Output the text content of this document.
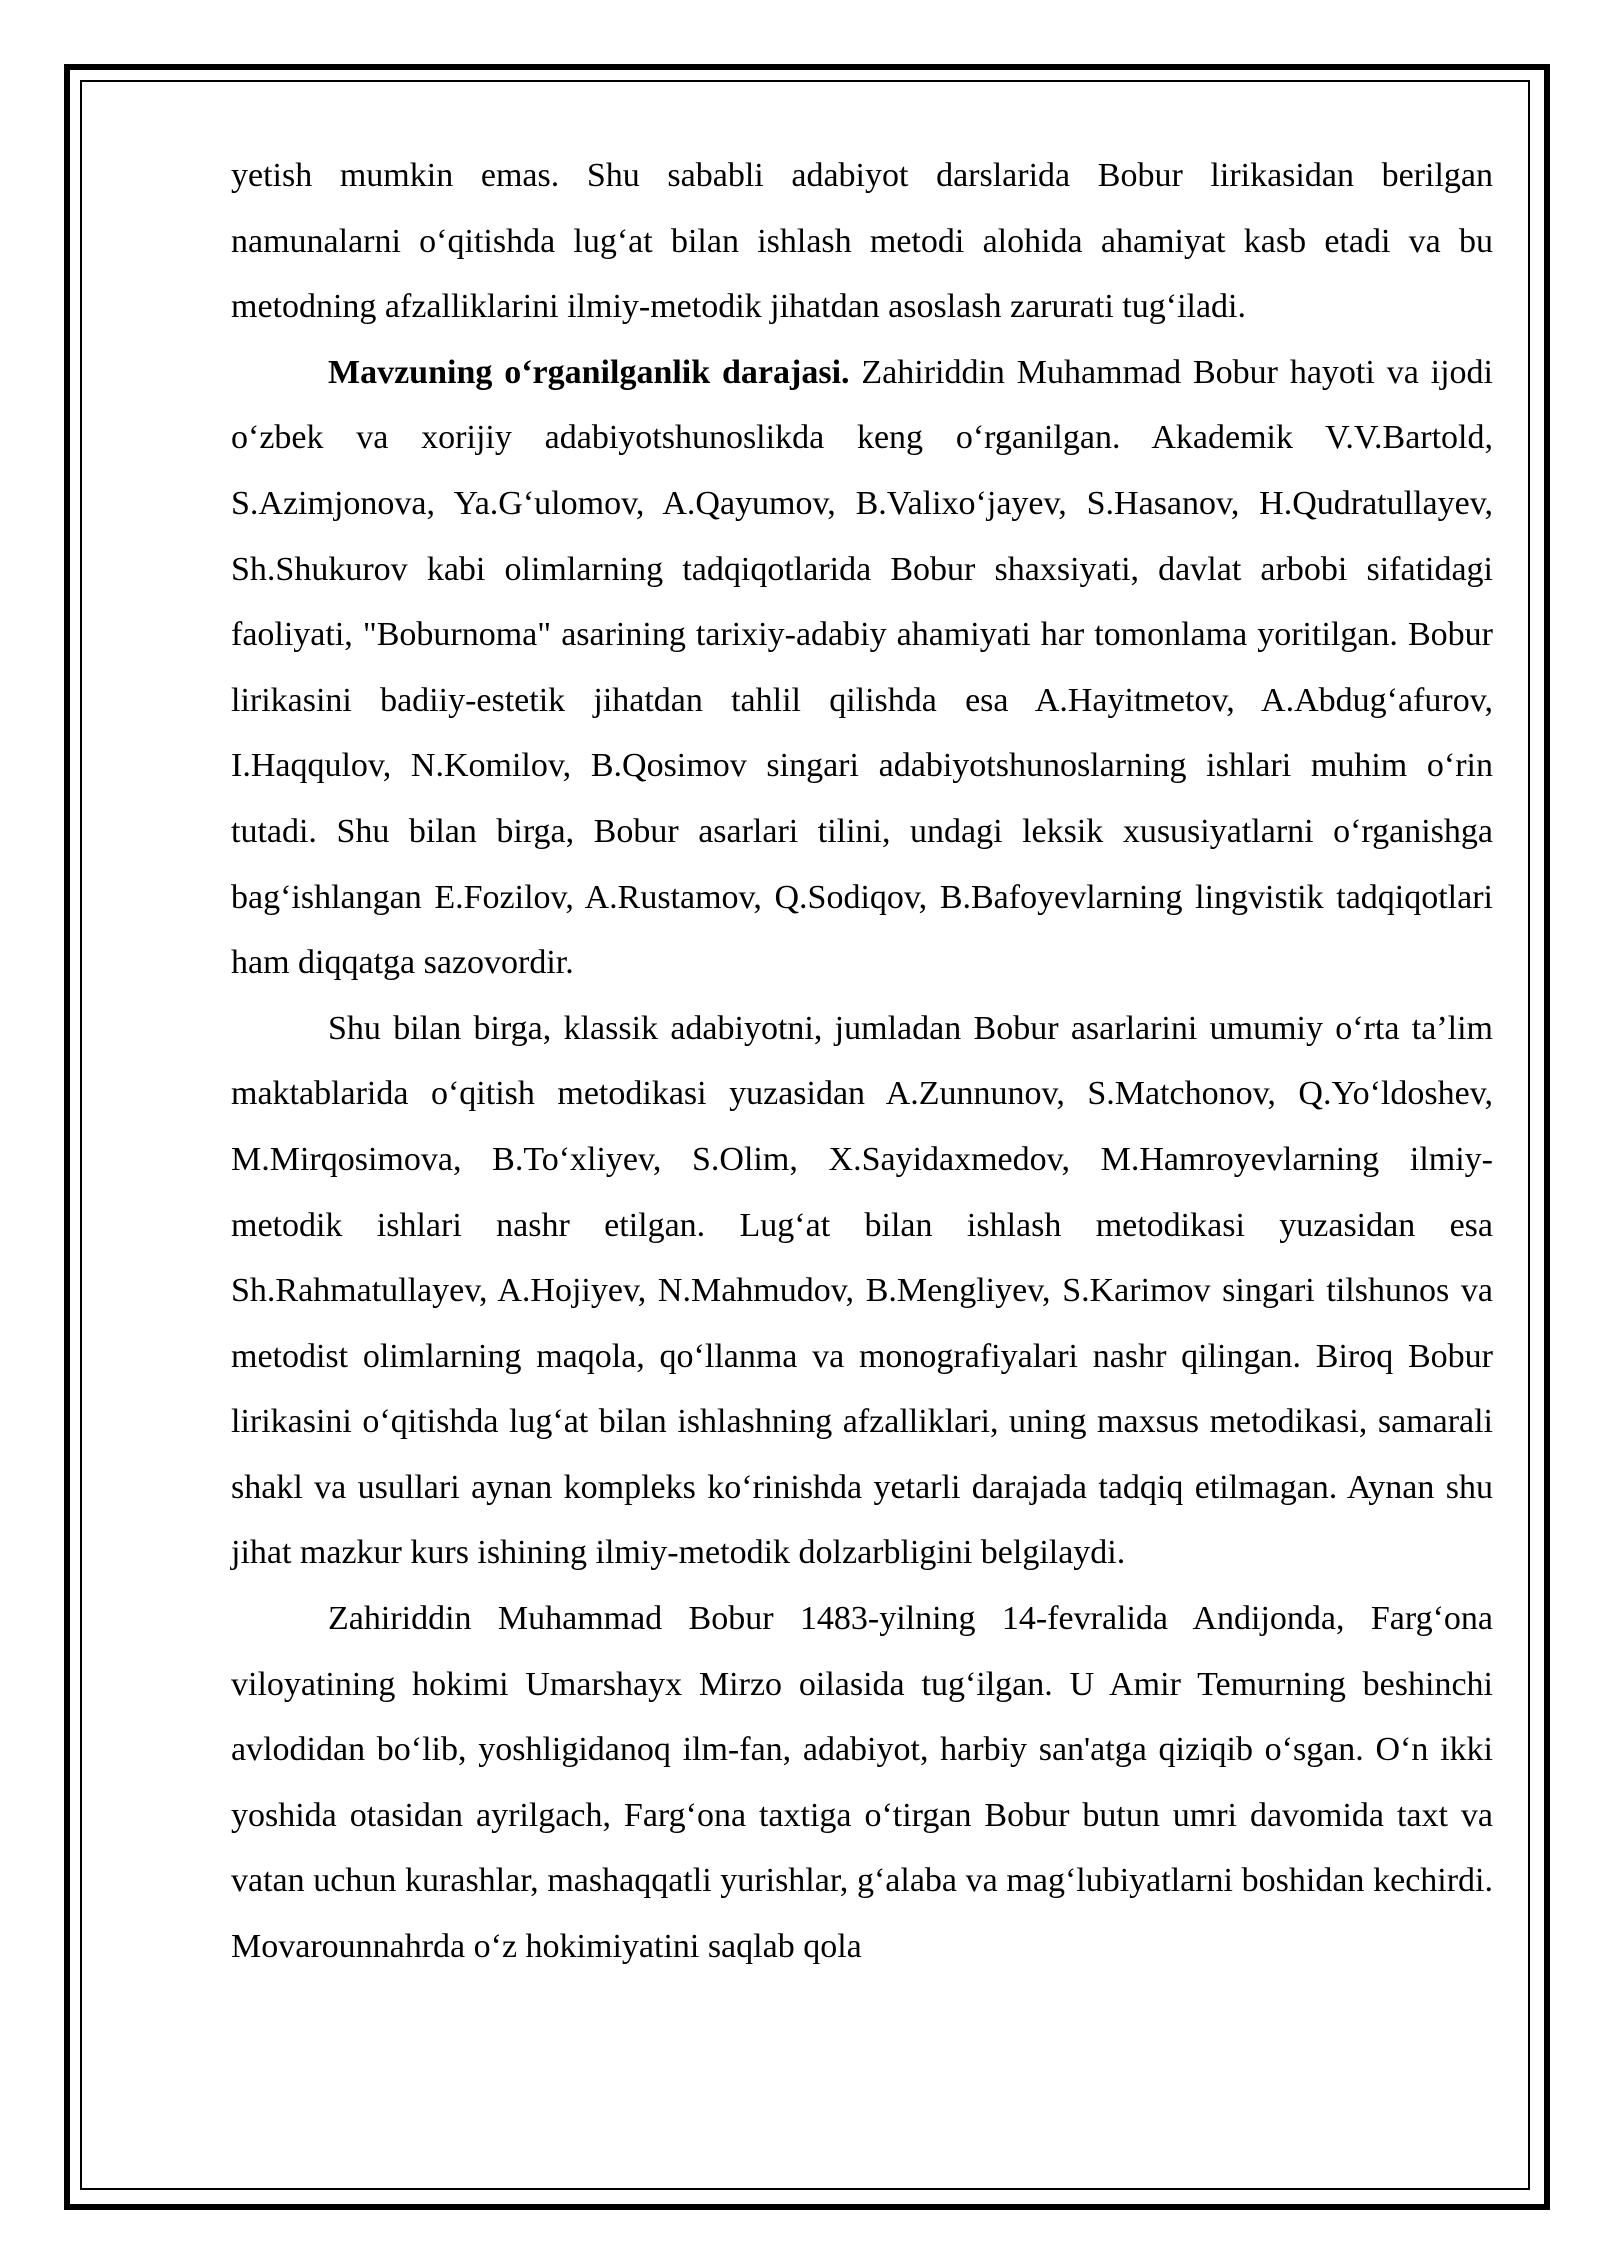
yetish mumkin emas. Shu sababli adabiyot darslarida Bobur lirikasidan berilgan namunalarni o‘qitishda lug‘at bilan ishlash metodi alohida ahamiyat kasb etadi va bu metodning afzalliklarini ilmiy-metodik jihatdan asoslash zarurati tug‘iladi.

Mavzuning o‘rganilganlik darajasi. Zahiriddin Muhammad Bobur hayoti va ijodi o‘zbek va xorijiy adabiyotshunoslikda keng o‘rganilgan. Akademik V.V.Bartold, S.Azimjonova, Ya.G‘ulomov, A.Qayumov, B.Valixo‘jayev, S.Hasanov, H.Qudratullayev, Sh.Shukurov kabi olimlarning tadqiqotlarida Bobur shaxsiyati, davlat arbobi sifatidagi faoliyati, "Boburnoma" asarining tarixiy-adabiy ahamiyati har tomonlama yoritilgan. Bobur lirikasini badiiy-estetik jihatdan tahlil qilishda esa A.Hayitmetov, A.Abdug‘afurov, I.Haqqulov, N.Komilov, B.Qosimov singari adabiyotshunoslarning ishlari muhim o‘rin tutadi. Shu bilan birga, Bobur asarlari tilini, undagi leksik xususiyatlarni o‘rganishga bag‘ishlangan E.Fozilov, A.Rustamov, Q.Sodiqov, B.Bafoyevlarning lingvistik tadqiqotlari ham diqqatga sazovordir.

Shu bilan birga, klassik adabiyotni, jumladan Bobur asarlarini umumiy o‘rta ta’lim maktablarida o‘qitish metodikasi yuzasidan A.Zunnunov, S.Matchonov, Q.Yo‘ldoshev, M.Mirqosimova, B.To‘xliyev, S.Olim, X.Sayidaxmedov, M.Hamroyevlarning ilmiy-metodik ishlari nashr etilgan. Lug‘at bilan ishlash metodikasi yuzasidan esa Sh.Rahmatullayev, A.Hojiyev, N.Mahmudov, B.Mengliyev, S.Karimov singari tilshunos va metodist olimlarning maqola, qo‘llanma va monografiyalari nashr qilingan. Biroq Bobur lirikasini o‘qitishda lug‘at bilan ishlashning afzalliklari, uning maxsus metodikasi, samarali shakl va usullari aynan kompleks ko‘rinishda yetarli darajada tadqiq etilmagan. Aynan shu jihat mazkur kurs ishining ilmiy-metodik dolzarbligini belgilaydi.

Zahiriddin Muhammad Bobur 1483-yilning 14-fevralida Andijonda, Farg‘ona viloyatining hokimi Umarshayx Mirzo oilasida tug‘ilgan. U Amir Temurning beshinchi avlodidan bo‘lib, yoshligidanoq ilm-fan, adabiyot, harbiy san'atga qiziqib o‘sgan. O‘n ikki yoshida otasidan ayrilgach, Farg‘ona taxtiga o‘tirgan Bobur butun umri davomida taxt va vatan uchun kurashlar, mashaqqatli yurishlar, g‘alaba va mag‘lubiyatlarni boshidan kechirdi. Movarounnahrda o‘z hokimiyatini saqlab qola
